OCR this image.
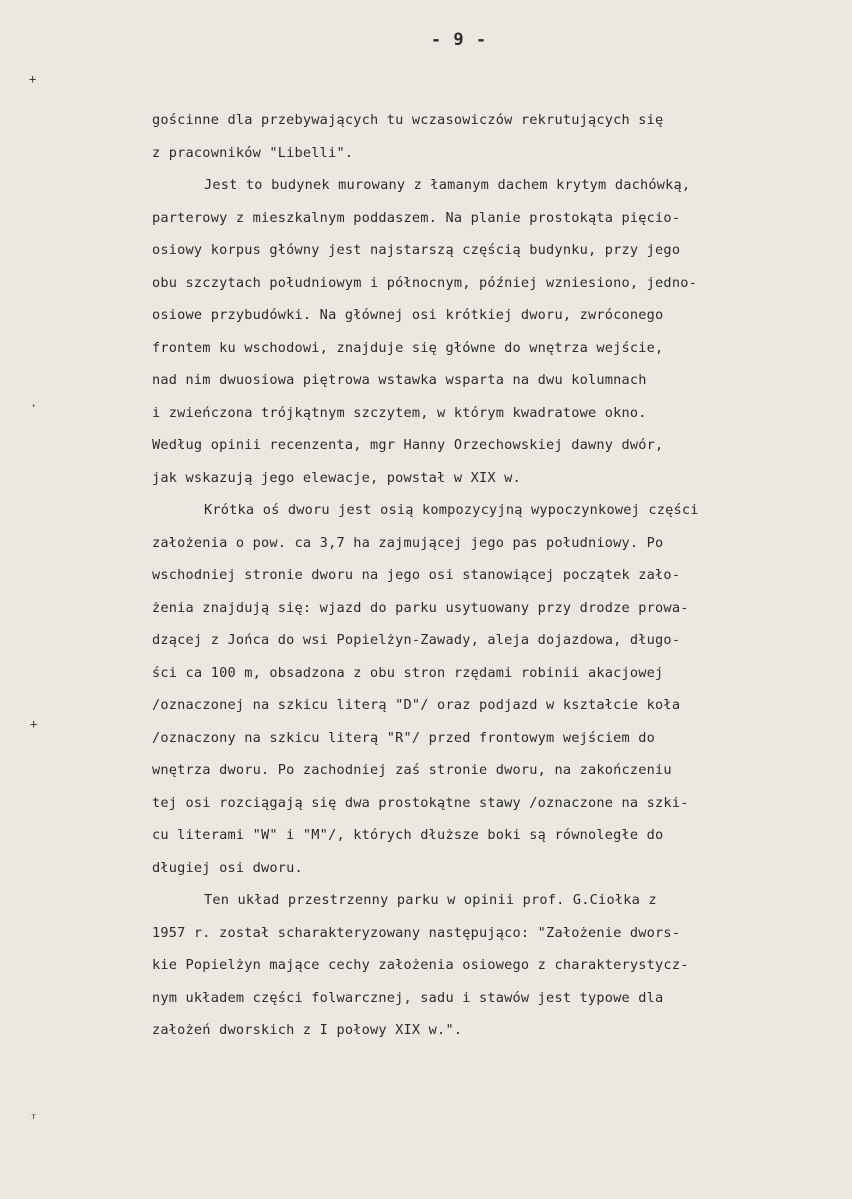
- 9 -
+
·
+
ᵀ
gościnne dla przebywających tu wczasowiczów rekrutujących się
z pracowników "Libelli".
Jest to budynek murowany z łamanym dachem krytym dachówką,
parterowy z mieszkalnym poddaszem. Na planie prostokąta pięcio-
osiowy korpus główny jest najstarszą częścią budynku, przy jego
obu szczytach południowym i północnym, później wzniesiono, jedno-
osiowe przybudówki. Na głównej osi krótkiej dworu, zwróconego
frontem ku wschodowi, znajduje się główne do wnętrza wejście,
nad nim dwuosiowa piętrowa wstawka wsparta na dwu kolumnach
i zwieńczona trójkątnym szczytem, w którym kwadratowe okno.
Według opinii recenzenta, mgr Hanny Orzechowskiej dawny dwór,
jak wskazują jego elewacje, powstał w XIX w.
Krótka oś dworu jest osią kompozycyjną wypoczynkowej części
założenia o pow. ca 3,7 ha zajmującej jego pas południowy. Po
wschodniej stronie dworu na jego osi stanowiącej początek zało-
żenia znajdują się: wjazd do parku usytuowany przy drodze prowa-
dzącej z Jońca do wsi Popielżyn-Zawady, aleja dojazdowa, długo-
ści ca 100 m, obsadzona z obu stron rzędami robinii akacjowej
/oznaczonej na szkicu literą "D"/ oraz podjazd w kształcie koła
/oznaczony na szkicu literą "R"/ przed frontowym wejściem do
wnętrza dworu. Po zachodniej zaś stronie dworu, na zakończeniu
tej osi rozciągają się dwa prostokątne stawy /oznaczone na szki-
cu literami "W" i "M"/, których dłuższe boki są równoległe do
długiej osi dworu.
Ten układ przestrzenny parku w opinii prof. G.Ciołka z
1957 r. został scharakteryzowany następująco: "Założenie dwors-
kie Popielżyn mające cechy założenia osiowego z charakterystycz-
nym układem części folwarcznej, sadu i stawów jest typowe dla
założeń dworskich z I połowy XIX w.".
